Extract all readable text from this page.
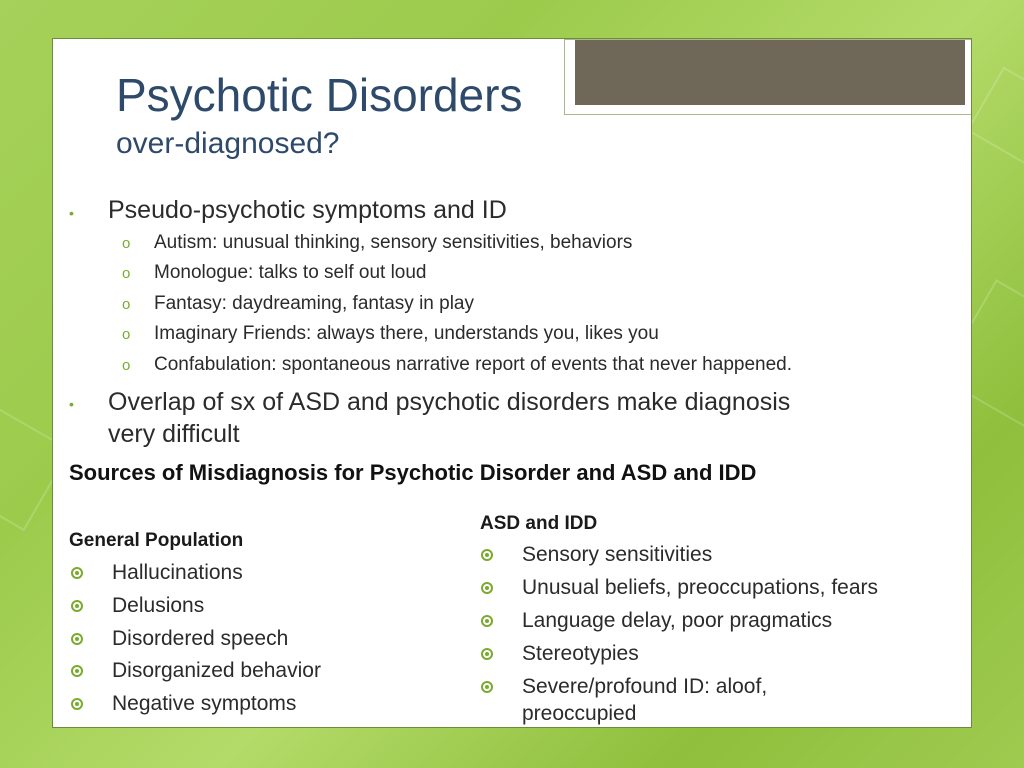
Psychotic Disorders
over-diagnosed?
• Pseudo-psychotic symptoms and ID
o Autism: unusual thinking, sensory sensitivities, behaviors
o Monologue: talks to self out loud
o Fantasy: daydreaming, fantasy in play
o Imaginary Friends: always there, understands you, likes you
o Confabulation: spontaneous narrative report of events that never happened.
• Overlap of sx of ASD and psychotic disorders make diagnosis
very difficult
Sources of Misdiagnosis for Psychotic Disorder and ASD and IDD
General Population
Hallucinations
Delusions
Disordered speech
Disorganized behavior
Negative symptoms
ASD and IDD
Sensory sensitivities
Unusual beliefs, preoccupations, fears
Language delay, poor pragmatics
Stereotypies
Severe/profound ID: aloof,
preoccupied
